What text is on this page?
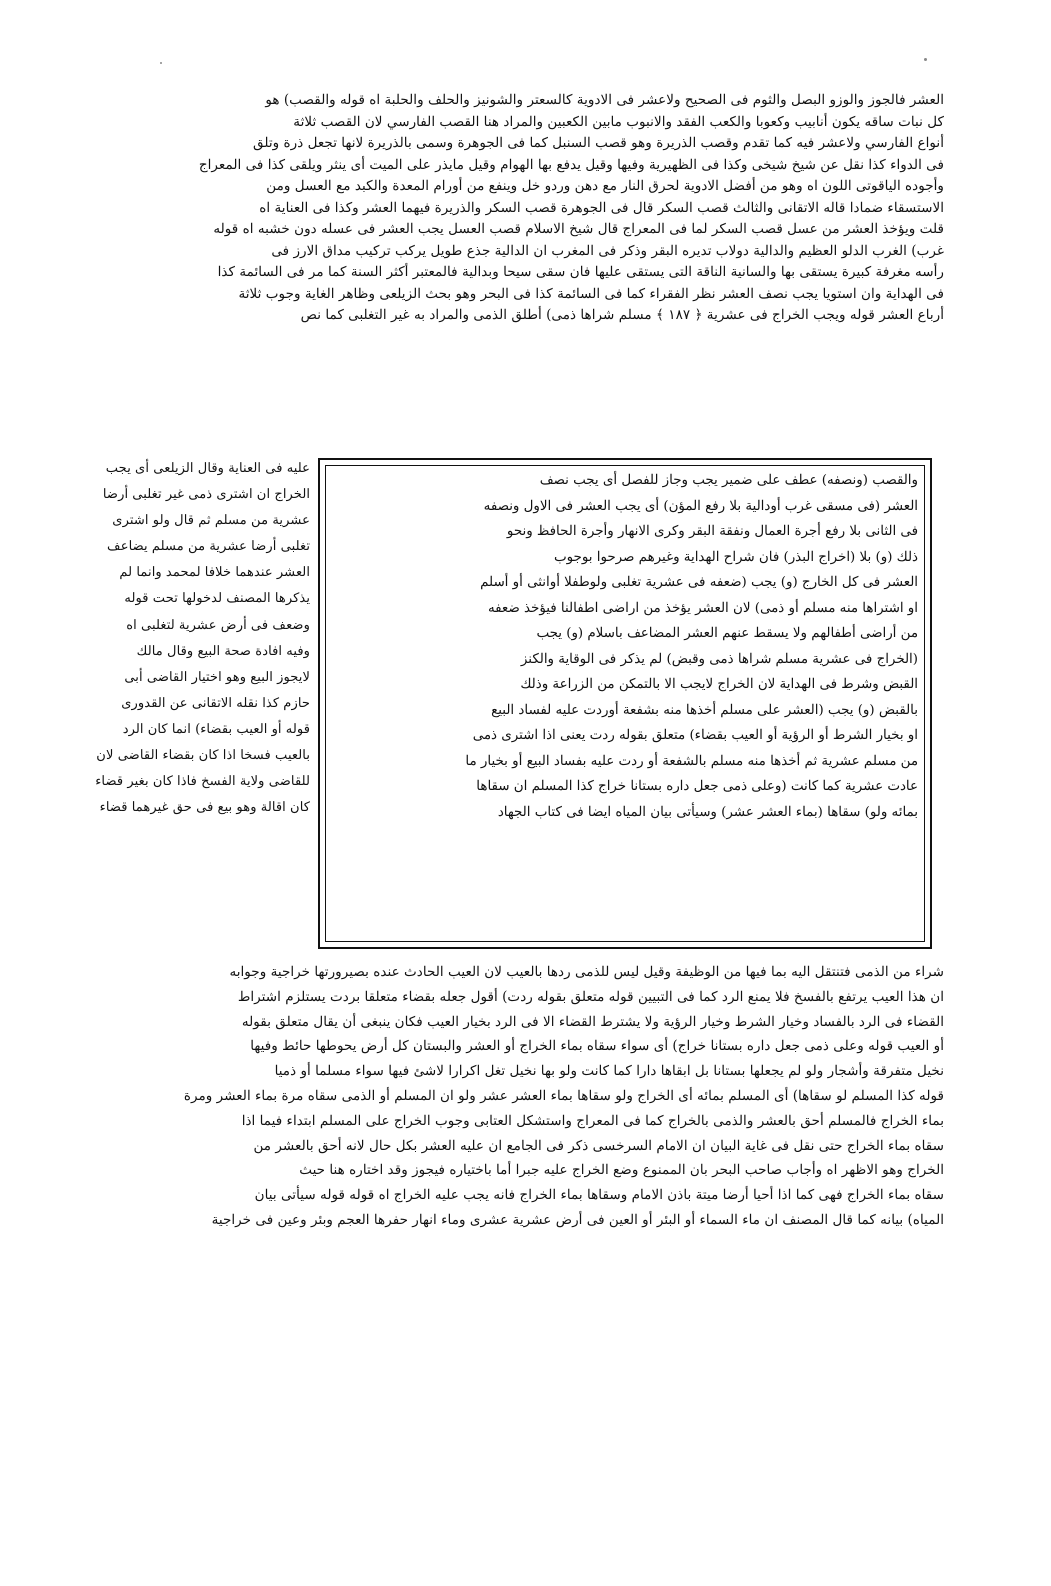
العشر فالجوز والوزو البصل والثوم فى الصحيح ولاعشر فى الادوية كالسعتر والشونيز والحلف والحلبة اه قوله والقصب) هو
كل نبات ساقه يكون أنابيب وكعوبا والكعب الفقد والانبوب مابين الكعبين والمراد هنا القصب الفارسي لان القصب ثلاثة
أنواع الفارسي ولاعشر فيه كما تقدم وقصب الذريرة وهو قصب السنبل كما فى الجوهرة وسمى بالذريرة لانها تجعل ذرة وتلق
فى الدواء كذا نقل عن شيخ شيخى وكذا فى الظهيرية وفيها وقيل يدفع بها الهوام وقيل مايذر على الميت أى ينثر ويلقى كذا فى المعراج
وأجوده الياقوتى اللون اه وهو من أفضل الادوية لحرق النار مع دهن وردو خل وينفع من أورام المعدة والكبد مع العسل ومن
الاستسقاء ضمادا قاله الاتقانى والثالث قصب السكر قال فى الجوهرة قصب السكر والذريرة فيهما العشر وكذا فى العناية اه
قلت ويؤخذ العشر من عسل قصب السكر لما فى المعراج قال شيخ الاسلام قصب العسل يجب العشر فى عسله دون خشبه اه قوله
غرب) الغرب الدلو العظيم والدالية دولاب تديره البقر وذكر فى المغرب ان الدالية جذع طويل يركب تركيب مداق الارز فى
رأسه مغرفة كبيرة يستقى بها والسانية الناقة التى يستقى عليها فان سقى سيحا وبدالية فالمعتبر أكثر السنة كما مر فى السائمة كذا
فى الهداية وان استويا يجب نصف العشر نظر الفقراء كما فى السائمة كذا فى البحر وهو بحث الزيلعى وظاهر الغاية وجوب ثلاثة
أرباع العشر قوله ويجب الخراج فى عشرية ﴿ ١٨٧ ﴾ مسلم شراها ذمى) أطلق الذمى والمراد به غير التغلبى كما نص
والقصب (ونصفه) عطف على ضمير يجب وجاز للفصل أى يجب نصف
العشر (فى مسقى غرب أودالية بلا رفع المؤن) أى يجب العشر فى الاول ونصفه
فى الثانى بلا رفع أجرة العمال ونفقة البقر وكرى الانهار وأجرة الحافظ ونحو
ذلك (و) بلا (اخراج البذر) فان شراح الهداية وغيرهم صرحوا بوجوب
العشر فى كل الخارج (و) يجب (ضعفه فى عشرية تغلبى ولوطفلا أوانثى أو أسلم
او اشتراها منه مسلم أو ذمى) لان العشر يؤخذ من اراضى اطفالنا فيؤخذ ضعفه
من أراضى أطفالهم ولا يسقط عنهم العشر المضاعف باسلام (و) يجب
(الخراج فى عشرية مسلم شراها ذمى وقبض) لم يذكر فى الوقاية والكنز
القبض وشرط فى الهداية لان الخراج لايجب الا بالتمكن من الزراعة وذلك
بالقبض (و) يجب (العشر على مسلم أخذها منه بشفعة أوردت عليه لفساد البيع
او بخيار الشرط أو الرؤية أو العيب بقضاء) متعلق بقوله ردت يعنى اذا اشترى ذمى
من مسلم عشرية ثم أخذها منه مسلم بالشفعة أو ردت عليه بفساد البيع أو بخيار ما
عادت عشرية كما كانت (وعلى ذمى جعل داره بستانا خراج كذا المسلم ان سقاها
بمائه ولو) سقاها (بماء العشر عشر) وسيأتى بيان المياه ايضا فى كتاب الجهاد
عليه فى العناية وقال الزيلعى أى يجب
الخراج ان اشترى ذمى غير تغلبى أرضا
عشرية من مسلم ثم قال ولو اشترى
تغلبى أرضا عشرية من مسلم يضاعف
العشر عندهما خلافا لمحمد وانما لم
يذكرها المصنف لدخولها تحت قوله
وضعف فى أرض عشرية لتغلبى اه
وفيه افادة صحة البيع وقال مالك
لايجوز البيع وهو اختيار القاضى أبى
حازم كذا نقله الاتقانى عن القدورى
قوله أو العيب بقضاء) انما كان الرد
بالعيب فسخا اذا كان بقضاء القاضى لان
للقاضى ولاية الفسخ فاذا كان بغير قضاء
كان اقالة وهو بيع فى حق غيرهما قضاء
شراء من الذمى فتنتقل اليه بما فيها من الوظيفة وقيل ليس للذمى ردها بالعيب لان العيب الحادث عنده بصيرورتها خراجية وجوابه
ان هذا العيب يرتفع بالفسخ فلا يمنع الرد كما فى التبيين قوله متعلق بقوله ردت) أقول جعله بقضاء متعلقا بردت يستلزم اشتراط
القضاء فى الرد بالفساد وخيار الشرط وخيار الرؤية ولا يشترط القضاء الا فى الرد بخيار العيب فكان ينبغى أن يقال متعلق بقوله
أو العيب قوله وعلى ذمى جعل داره بستانا خراج) أى سواء سقاه بماء الخراج أو العشر والبستان كل أرض يحوطها حائط وفيها
نخيل متفرقة وأشجار ولو لم يجعلها بستانا بل ابقاها دارا كما كانت ولو بها نخيل تغل اكرارا لاشئ فيها سواء مسلما أو ذميا
قوله كذا المسلم لو سقاها) أى المسلم بمائه أى الخراج ولو سقاها بماء العشر عشر ولو ان المسلم أو الذمى سقاه مرة بماء العشر ومرة
بماء الخراج فالمسلم أحق بالعشر والذمى بالخراج كما فى المعراج واستشكل العتابى وجوب الخراج على المسلم ابتداء فيما اذا
سقاه بماء الخراج حتى نقل فى غاية البيان ان الامام السرخسى ذكر فى الجامع ان عليه العشر بكل حال لانه أحق بالعشر من
الخراج وهو الاظهر اه وأجاب صاحب البحر بان الممنوع وضع الخراج عليه جبرا أما باختياره فيجوز وقد اختاره هنا حيث
سقاه بماء الخراج فهى كما اذا أحيا أرضا ميتة باذن الامام وسقاها بماء الخراج فانه يجب عليه الخراج اه قوله قوله سيأتى بيان
المياه) بيانه كما قال المصنف ان ماء السماء أو البئر أو العين فى أرض عشرية عشرى وماء انهار حفرها العجم وبئر وعين فى خراجية
